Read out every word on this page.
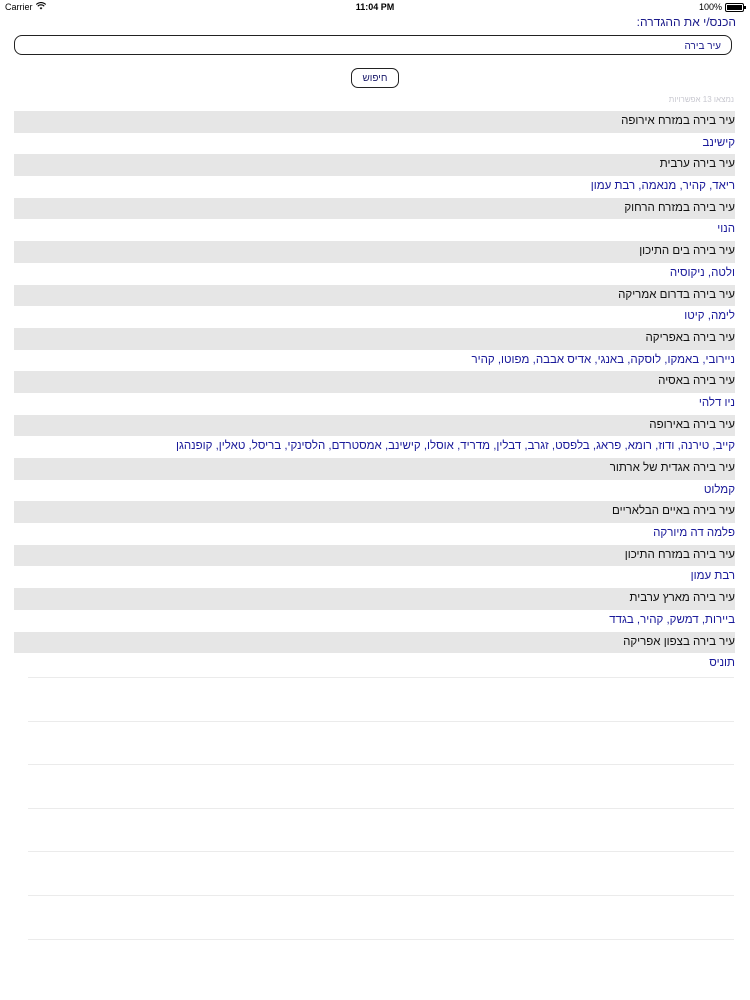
Carrier	11:04 PM	100%
הכנס/י את ההגדרה:
עיר בירה
חיפוש
נמצאו 13 אפשרויות
עיר בירה במזרח אירופה
קישינב
עיר בירה ערבית
ריאד, קהיר, מנאמה, רבת עמון
עיר בירה במזרח הרחוק
הנוי
עיר בירה בים התיכון
ולטה, ניקוסיה
עיר בירה בדרום אמריקה
לימה, קיטו
עיר בירה באפריקה
ניירובי, באמקו, לוסקה, באנגי, אדיס אבבה, מפוטו, קהיר
עיר בירה באסיה
ניו דלהי
עיר בירה באירופה
קייב, טירנה, ודוז, רומא, פראג, בלפסט, זגרב, דבלין, מדריד, אוסלו, קישינב, אמסטרדם, הלסינקי, בריסל, טאלין, קופנהגן
עיר בירה אגדית של ארתור
קמלוט
עיר בירה באיים הבלאריים
פלמה דה מיורקה
עיר בירה במזרח התיכון
רבת עמון
עיר בירה מארץ ערבית
ביירות, דמשק, קהיר, בגדד
עיר בירה בצפון אפריקה
תוניס
